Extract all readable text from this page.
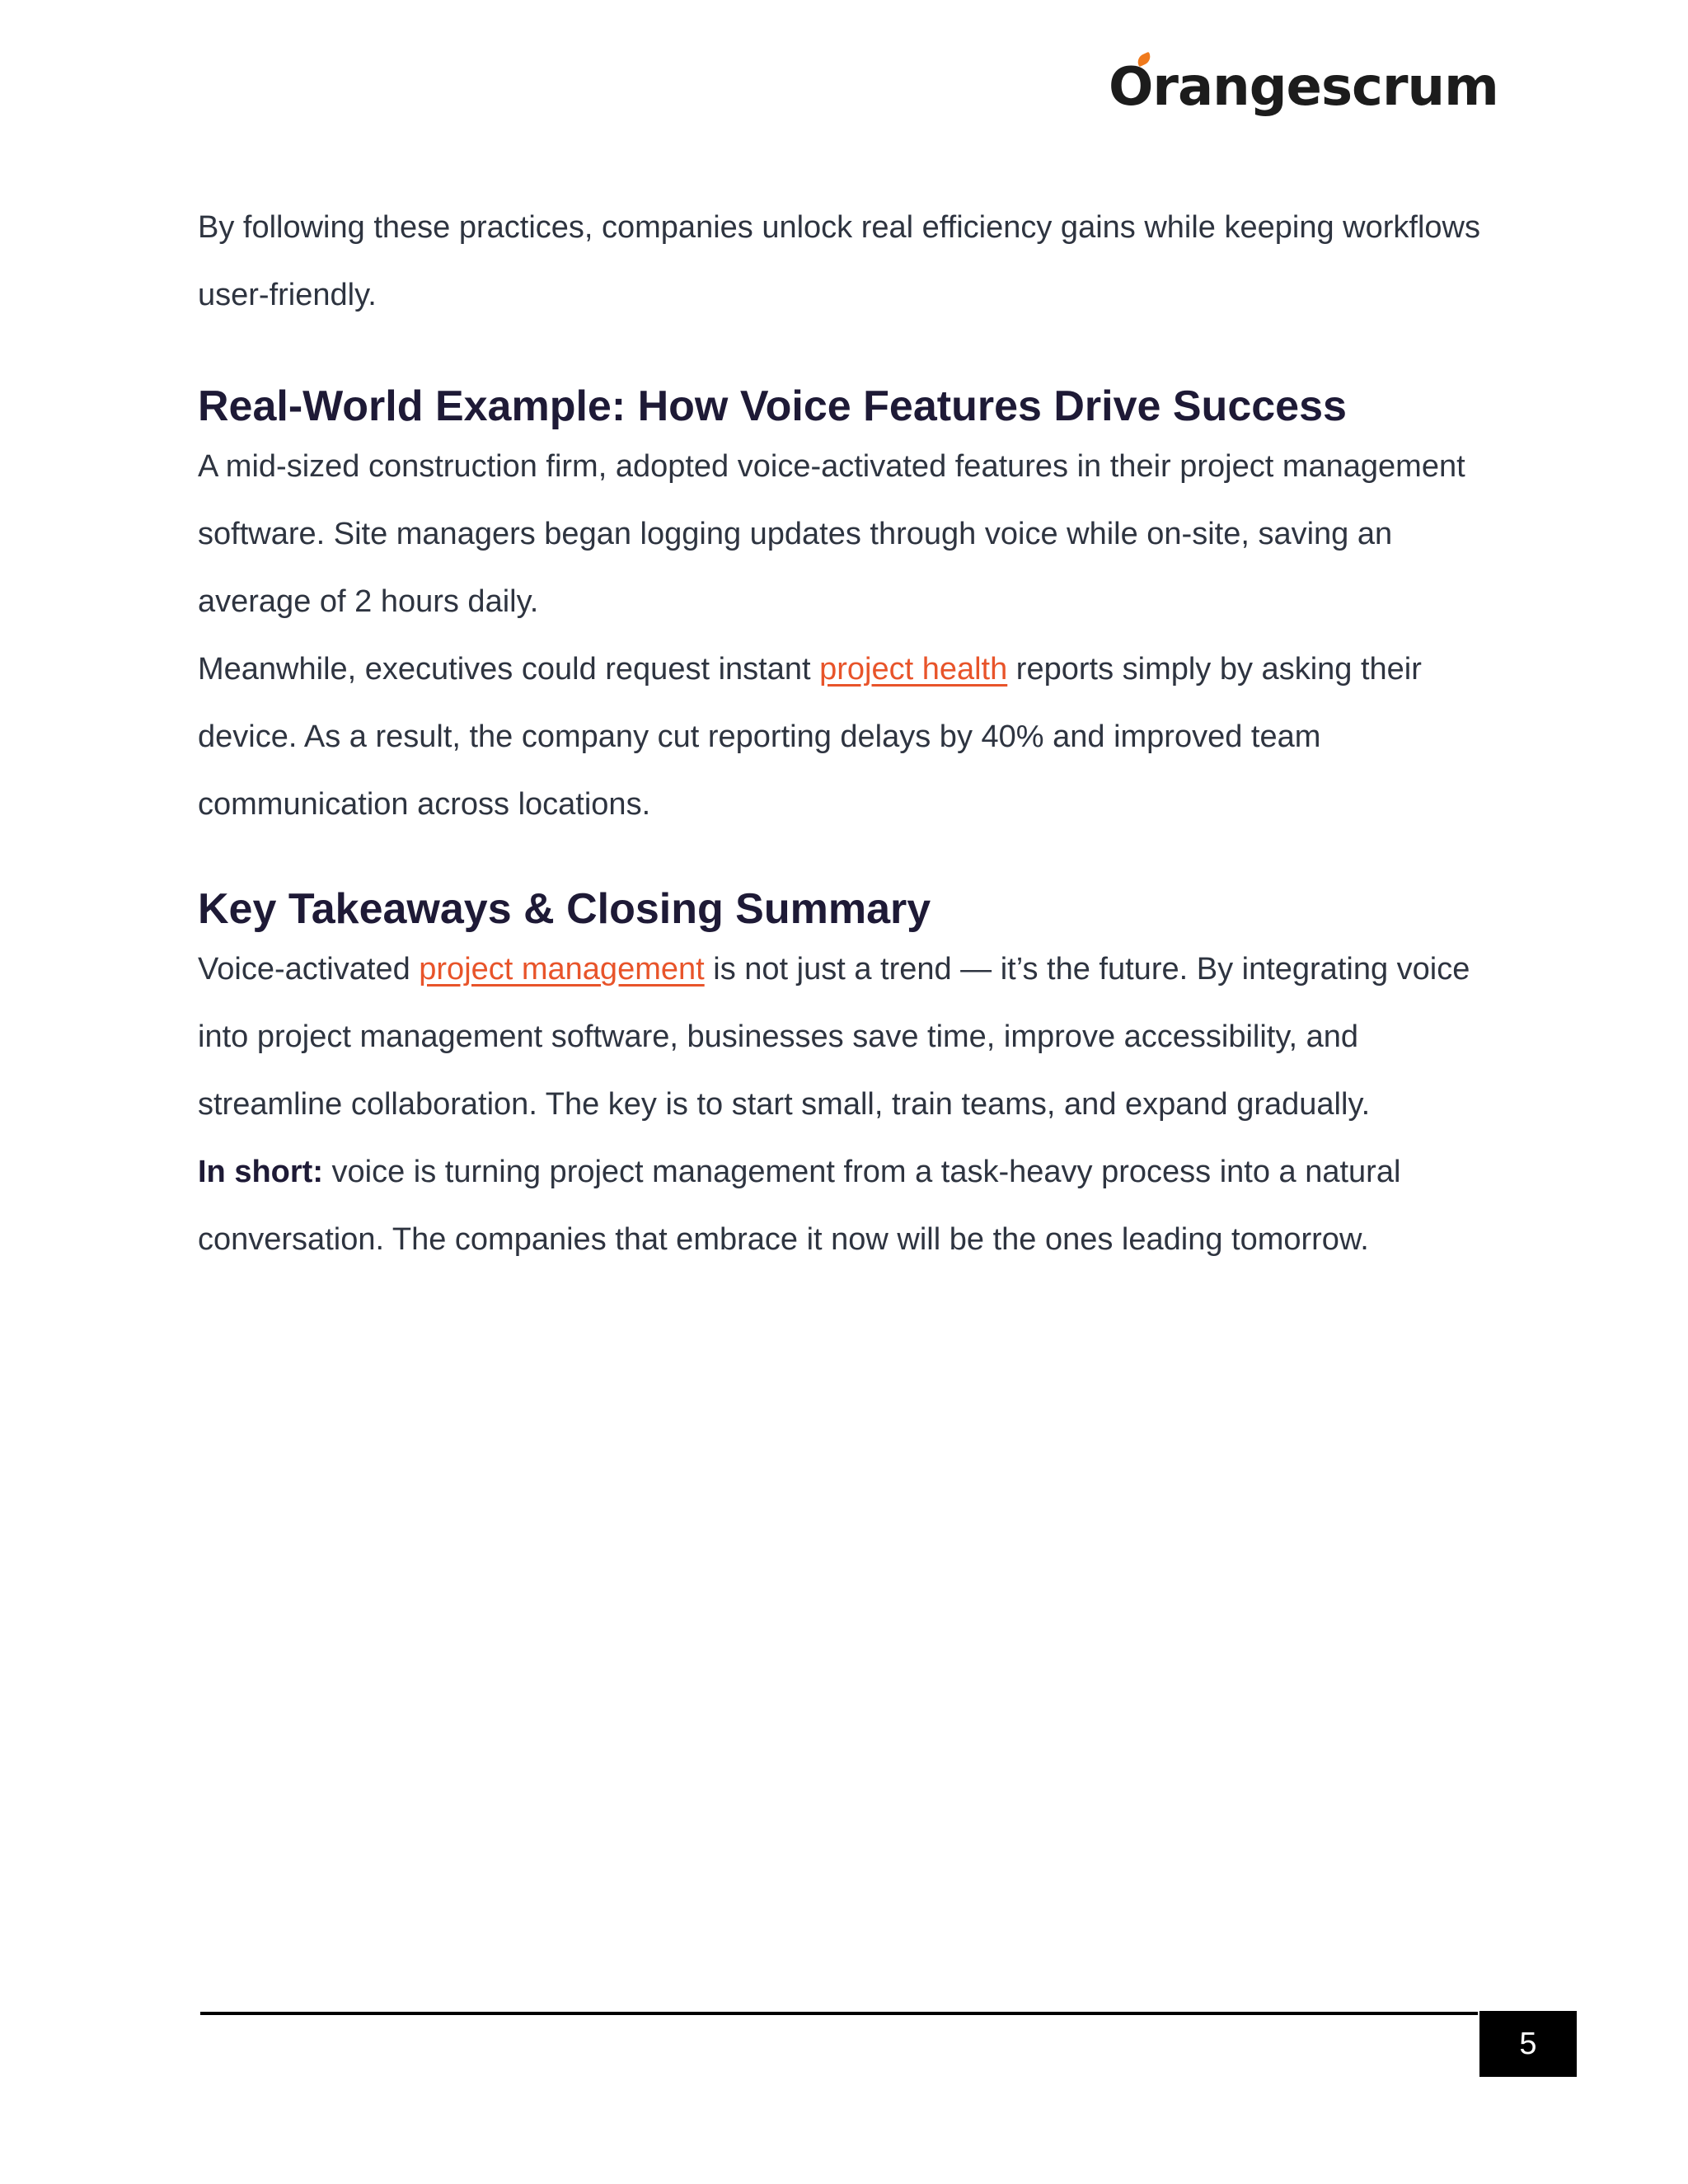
Orangescrum

By following these practices, companies unlock real efficiency gains while keeping workflows user-friendly.

Real-World Example: How Voice Features Drive Success

A mid-sized construction firm, adopted voice-activated features in their project management software. Site managers began logging updates through voice while on-site, saving an average of 2 hours daily.

Meanwhile, executives could request instant project health reports simply by asking their device. As a result, the company cut reporting delays by 40% and improved team communication across locations.

Key Takeaways & Closing Summary

Voice-activated project management is not just a trend — it’s the future. By integrating voice into project management software, businesses save time, improve accessibility, and streamline collaboration. The key is to start small, train teams, and expand gradually.

In short: voice is turning project management from a task-heavy process into a natural conversation. The companies that embrace it now will be the ones leading tomorrow.

5
